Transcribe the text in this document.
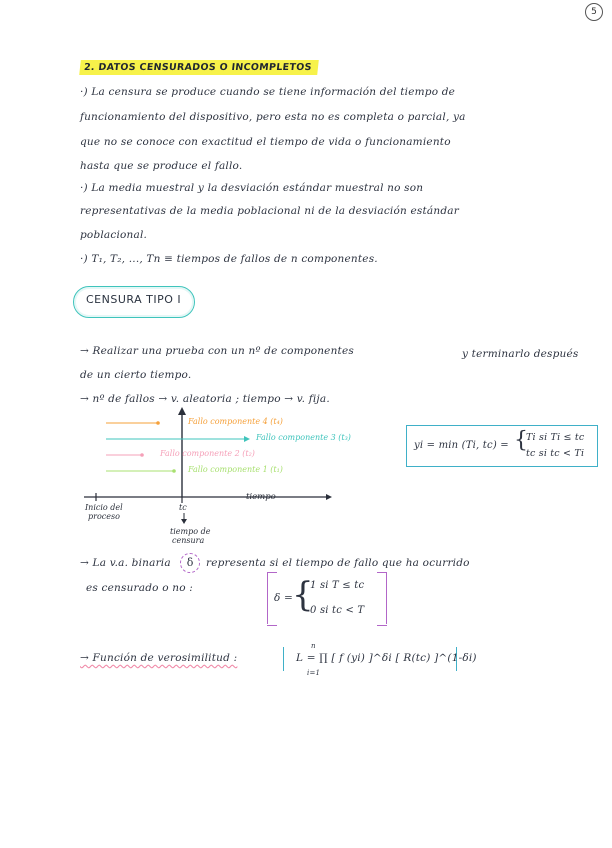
5
2. DATOS CENSURADOS O INCOMPLETOS
·) La censura se produce cuando se tiene información del tiempo de
funcionamiento del dispositivo, pero esta no es completa o parcial, ya
que no se conoce con exactitud el tiempo de vida o funcionamiento
hasta que se produce el fallo.
·) La media muestral y la desviación estándar muestral no son
representativas de la media poblacional ni de la desviación estándar
poblacional.
·) T₁, T₂, ..., Tn ≡ tiempos de fallos de n componentes.
CENSURA TIPO I
→ Realizar una prueba con un nº de componentes	y terminarlo después
de un cierto tiempo.
→ nº de fallos → v. aleatoria ; tiempo → v. fija.
Fallo componente 4 (t₄)
Fallo componente 3 (t₃)
Fallo componente 2 (t₂)
Fallo componente 1 (t₁)
tiempo
Inicio del
proceso
tc
tiempo de
censura
yi = min (Ti, tc) = {
Ti si Ti ≤ tc
tc si tc < Ti
→ La v.a. binaria	δ	representa si el tiempo de fallo que ha ocurrido
es censurado o no :
δ =
{
1 si T ≤ tc
0 si tc < T
→ Función de verosimilitud :	L = ∏ [ f (yi) ]^δi [ R(tc) ]^(1-δi)
n
i=1
